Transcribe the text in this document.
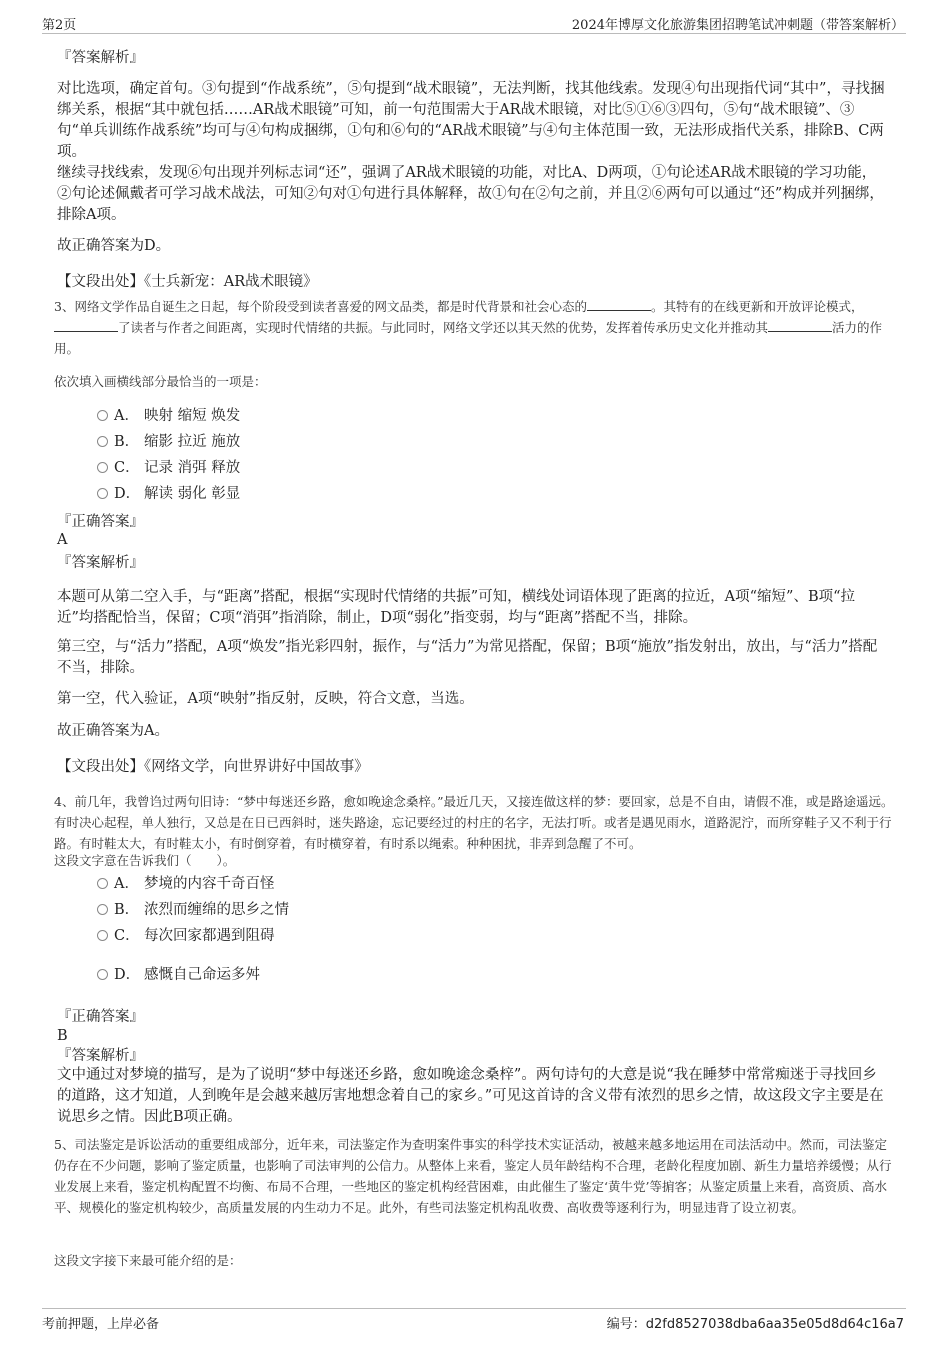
第2页	2024年博厚文化旅游集团招聘笔试冲刺题（带答案解析）

『答案解析』

对比选项，确定首句。③句提到“作战系统”，⑤句提到“战术眼镜”，无法判断，找其他线索。发现④句出现指代词“其中”，寻找捆绑关系，根据“其中就包括……AR战术眼镜”可知，前一句范围需大于AR战术眼镜，对比⑤①⑥③四句，⑤句“战术眼镜”、③句“单兵训练作战系统”均可与④句构成捆绑，①句和⑥句的“AR战术眼镜”与④句主体范围一致，无法形成指代关系，排除B、C两项。

继续寻找线索，发现⑥句出现并列标志词“还”，强调了AR战术眼镜的功能，对比A、D两项，①句论述AR战术眼镜的学习功能，②句论述佩戴者可学习战术战法，可知②句对①句进行具体解释，故①句在②句之前，并且②⑥两句可以通过“还”构成并列捆绑，排除A项。

故正确答案为D。

【文段出处】《士兵新宠：AR战术眼镜》

3、网络文学作品自诞生之日起，每个阶段受到读者喜爱的网文品类，都是时代背景和社会心态的	。其特有的在线更新和开放评论模式，了读者与作者之间距离，实现时代情绪的共振。与此同时，网络文学还以其天然的优势，发挥着传承历史文化并推动其	活力的作用。

依次填入画横线部分最恰当的一项是：

A． 映射 缩短 焕发
B． 缩影 拉近 施放
C． 记录 消弭 释放
D． 解读 弱化 彰显

『正确答案』

A

『答案解析』

本题可从第二空入手，与“距离”搭配，根据“实现时代情绪的共振”可知，横线处词语体现了距离的拉近，A项“缩短”、B项“拉近”均搭配恰当，保留；C项“消弭”指消除，制止，D项“弱化”指变弱，均与“距离”搭配不当，排除。

第三空，与“活力”搭配，A项“焕发”指光彩四射，振作，与“活力”为常见搭配，保留；B项“施放”指发射出，放出，与“活力”搭配不当，排除。

第一空，代入验证，A项“映射”指反射，反映，符合文意，当选。

故正确答案为A。

【文段出处】《网络文学，向世界讲好中国故事》

4、前几年，我曾诌过两句旧诗：“梦中每迷还乡路，愈如晚途念桑梓。”最近几天，又接连做这样的梦：要回家，总是不自由，请假不准，或是路途遥远。有时决心起程，单人独行，又总是在日已西斜时，迷失路途，忘记要经过的村庄的名字，无法打听。或者是遇见雨水，道路泥泞，而所穿鞋子又不利于行路。有时鞋太大，有时鞋太小，有时倒穿着，有时横穿着，有时系以绳索。种种困扰，非弄到急醒了不可。

这段文字意在告诉我们（　　）。

A． 梦境的内容千奇百怪
B． 浓烈而缠绵的思乡之情
C． 每次回家都遇到阻碍
D． 感慨自己命运多舛

『正确答案』

B

『答案解析』

文中通过对梦境的描写，是为了说明“梦中每迷还乡路，愈如晚途念桑梓”。两句诗句的大意是说“我在睡梦中常常痴迷于寻找回乡的道路，这才知道，人到晚年是会越来越厉害地想念着自己的家乡。”可见这首诗的含义带有浓烈的思乡之情，故这段文字主要是在说思乡之情。因此B项正确。

5、司法鉴定是诉讼活动的重要组成部分，近年来，司法鉴定作为查明案件事实的科学技术实证活动，被越来越多地运用在司法活动中。然而，司法鉴定仍存在不少问题，影响了鉴定质量，也影响了司法审判的公信力。从整体上来看，鉴定人员年龄结构不合理，老龄化程度加剧、新生力量培养缓慢；从行业发展上来看，鉴定机构配置不均衡、布局不合理，一些地区的鉴定机构经营困难，由此催生了鉴定‘黄牛党’等掮客；从鉴定质量上来看，高资质、高水平、规模化的鉴定机构较少，高质量发展的内生动力不足。此外，有些司法鉴定机构乱收费、高收费等逐利行为，明显违背了设立初衷。

这段文字接下来最可能介绍的是：

考前押题，上岸必备	编号：d2fd8527038dba6aa35e05d8d64c16a7
